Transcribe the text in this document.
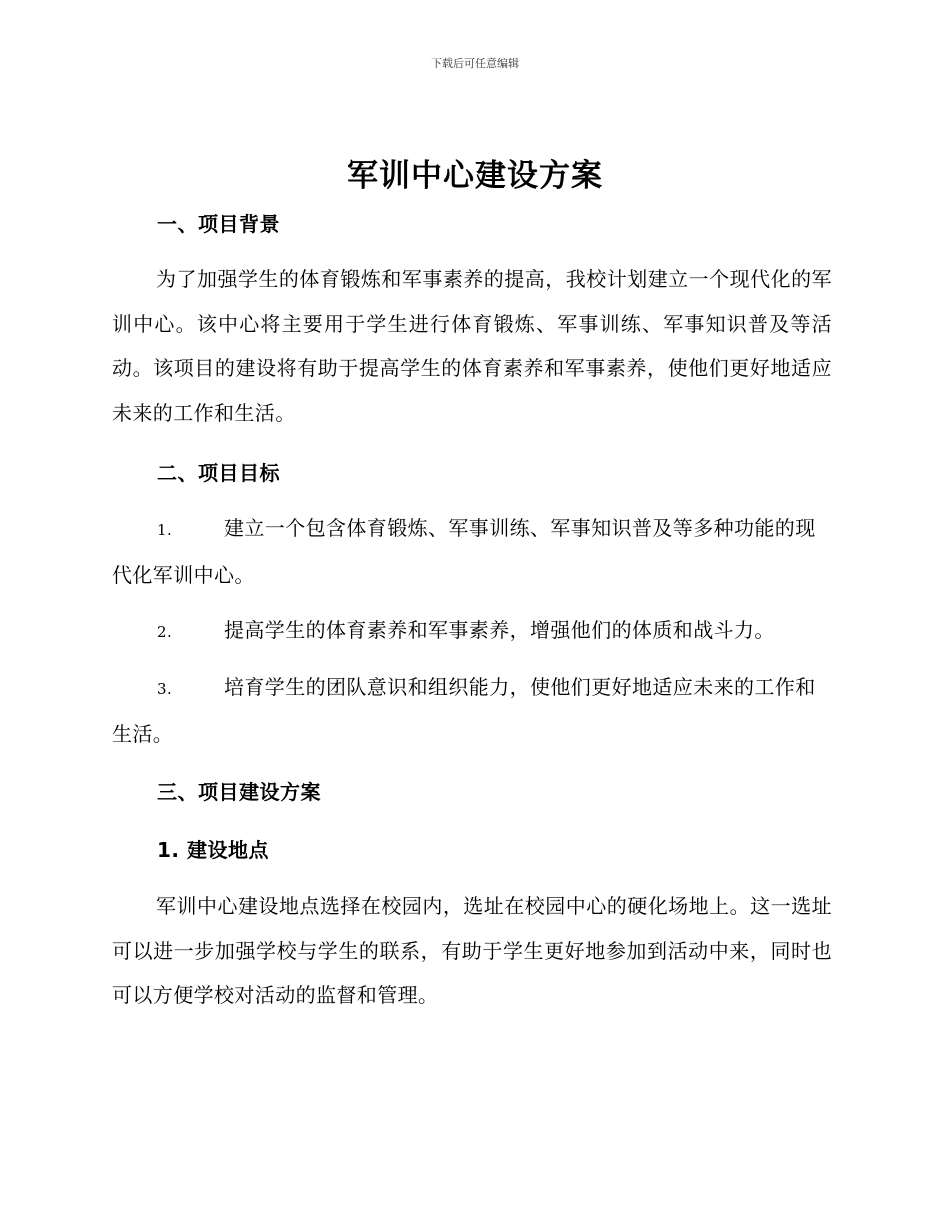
下载后可任意编辑
军训中心建设方案
一、项目背景
为了加强学生的体育锻炼和军事素养的提高，我校计划建立一个现代化的军训中心。该中心将主要用于学生进行体育锻炼、军事训练、军事知识普及等活动。该项目的建设将有助于提高学生的体育素养和军事素养，使他们更好地适应未来的工作和生活。
二、项目目标
1.	建立一个包含体育锻炼、军事训练、军事知识普及等多种功能的现代化军训中心。
2.	提高学生的体育素养和军事素养，增强他们的体质和战斗力。
3.	培育学生的团队意识和组织能力，使他们更好地适应未来的工作和生活。
三、项目建设方案
1. 建设地点
军训中心建设地点选择在校园内，选址在校园中心的硬化场地上。这一选址可以进一步加强学校与学生的联系，有助于学生更好地参加到活动中来，同时也可以方便学校对活动的监督和管理。
